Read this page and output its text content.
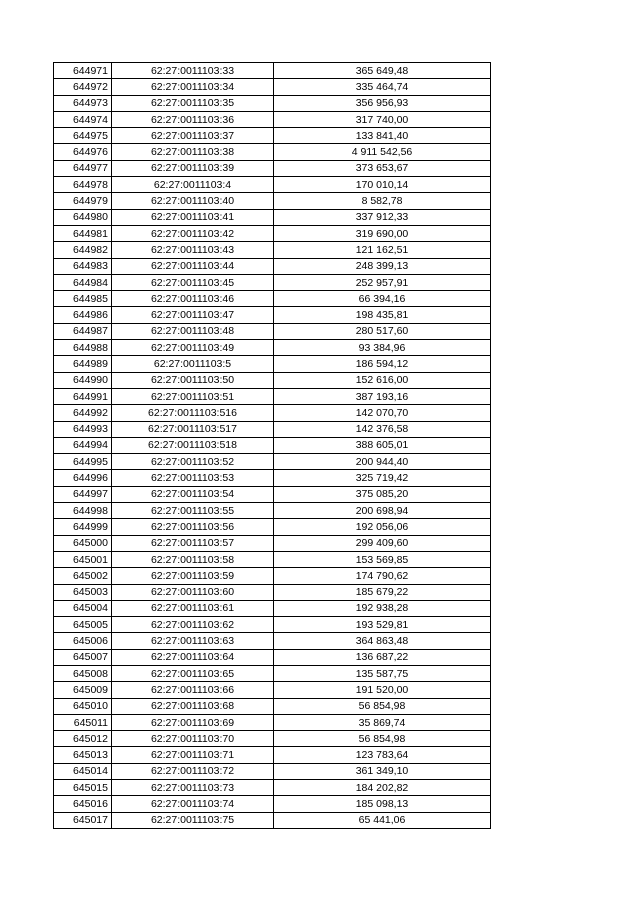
644971	62:27:0011103:33	365 649,48
644972	62:27:0011103:34	335 464,74
644973	62:27:0011103:35	356 956,93
644974	62:27:0011103:36	317 740,00
644975	62:27:0011103:37	133 841,40
644976	62:27:0011103:38	4 911 542,56
644977	62:27:0011103:39	373 653,67
644978	62:27:0011103:4	170 010,14
644979	62:27:0011103:40	8 582,78
644980	62:27:0011103:41	337 912,33
644981	62:27:0011103:42	319 690,00
644982	62:27:0011103:43	121 162,51
644983	62:27:0011103:44	248 399,13
644984	62:27:0011103:45	252 957,91
644985	62:27:0011103:46	66 394,16
644986	62:27:0011103:47	198 435,81
644987	62:27:0011103:48	280 517,60
644988	62:27:0011103:49	93 384,96
644989	62:27:0011103:5	186 594,12
644990	62:27:0011103:50	152 616,00
644991	62:27:0011103:51	387 193,16
644992	62:27:0011103:516	142 070,70
644993	62:27:0011103:517	142 376,58
644994	62:27:0011103:518	388 605,01
644995	62:27:0011103:52	200 944,40
644996	62:27:0011103:53	325 719,42
644997	62:27:0011103:54	375 085,20
644998	62:27:0011103:55	200 698,94
644999	62:27:0011103:56	192 056,06
645000	62:27:0011103:57	299 409,60
645001	62:27:0011103:58	153 569,85
645002	62:27:0011103:59	174 790,62
645003	62:27:0011103:60	185 679,22
645004	62:27:0011103:61	192 938,28
645005	62:27:0011103:62	193 529,81
645006	62:27:0011103:63	364 863,48
645007	62:27:0011103:64	136 687,22
645008	62:27:0011103:65	135 587,75
645009	62:27:0011103:66	191 520,00
645010	62:27:0011103:68	56 854,98
645011	62:27:0011103:69	35 869,74
645012	62:27:0011103:70	56 854,98
645013	62:27:0011103:71	123 783,64
645014	62:27:0011103:72	361 349,10
645015	62:27:0011103:73	184 202,82
645016	62:27:0011103:74	185 098,13
645017	62:27:0011103:75	65 441,06
